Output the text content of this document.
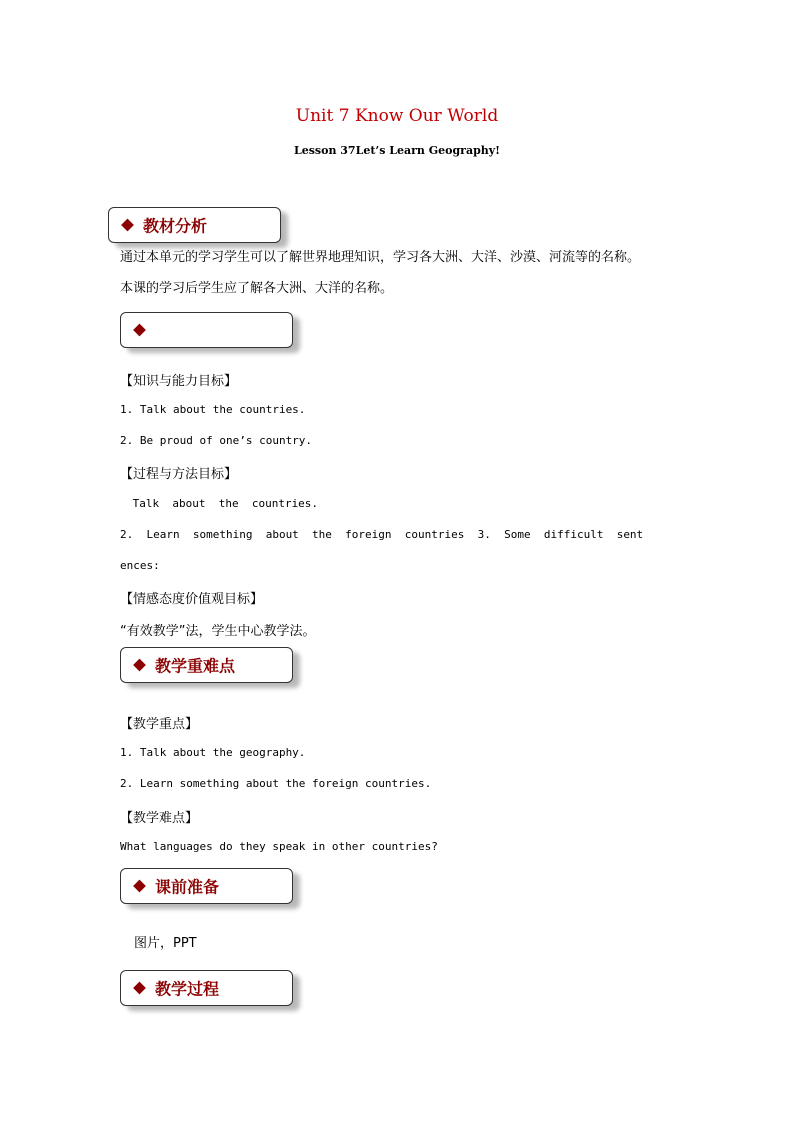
Unit 7 Know Our World
Lesson 37Let’s Learn Geography!
教材分析
通过本单元的学习学生可以了解世界地理知识，学习各大洲、大洋、沙漠、河流等的名称。
本课的学习后学生应了解各大洲、大洋的名称。
【知识与能力目标】
1. Talk about the countries.
2. Be proud of one’s country.
【过程与方法目标】
Talk  about  the  countries.
2.  Learn  something  about  the  foreign  countries  3.  Some  difficult  sent
ences:
【情感态度价值观目标】
“有效教学”法，学生中心教学法。
教学重难点
【教学重点】
1. Talk about the geography.
2. Learn something about the foreign countries.
【教学难点】
What languages do they speak in other countries?
课前准备
图片，PPT
教学过程
